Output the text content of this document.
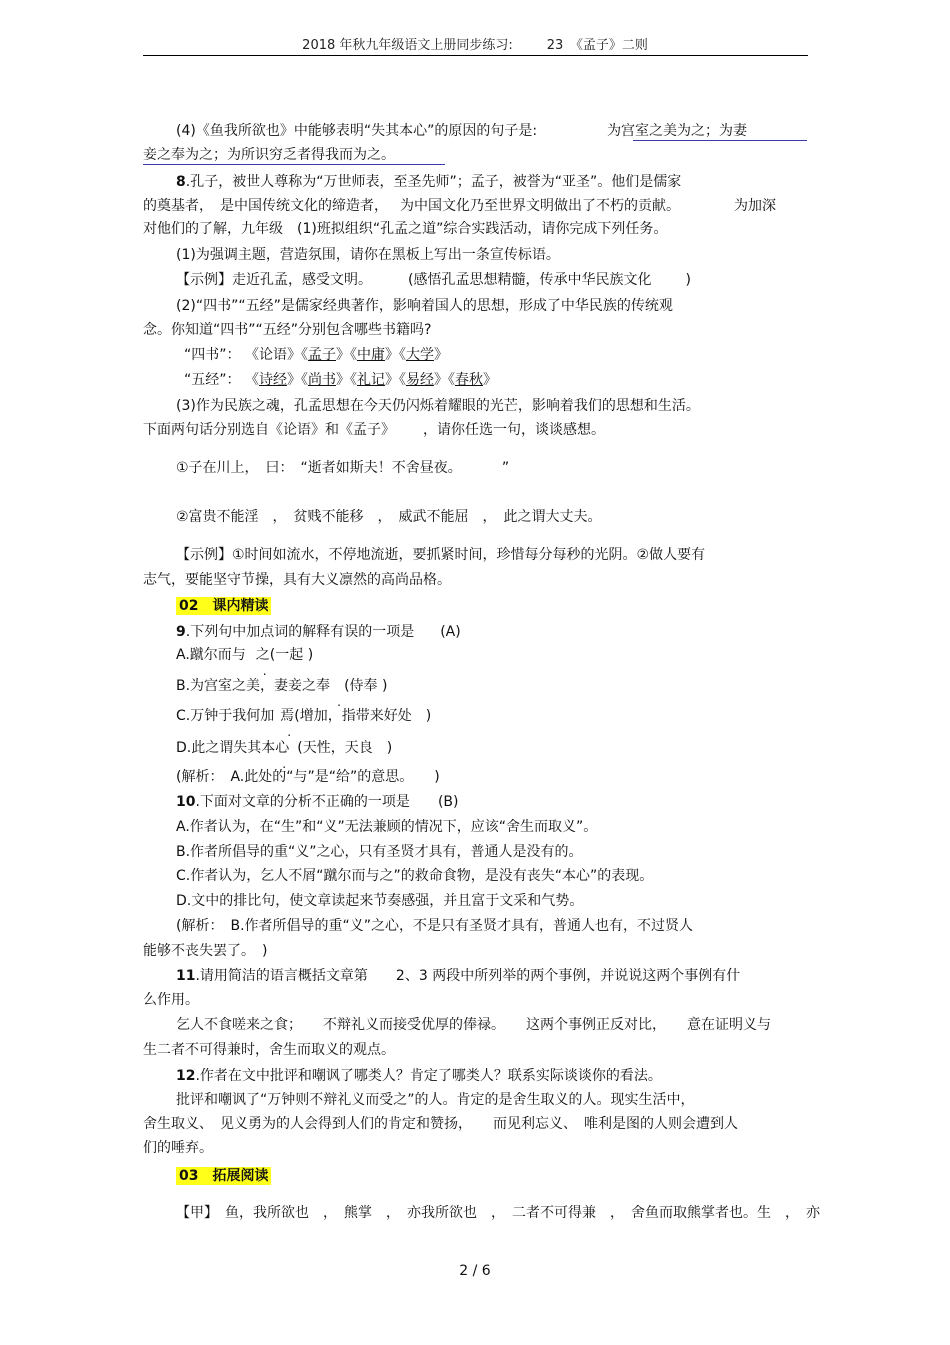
2018 年秋九年级语文上册同步练习:	23　《孟子》二则
(4)《鱼我所欲也》中能够表明“失其本心”的原因的句子是:	为宫室之美为之；为妻
妾之奉为之；为所识穷乏者得我而为之。
8.孔子，被世人尊称为“万世师表，至圣先师”；孟子，被誉为“亚圣”。他们是儒家
的奠基者，　是中国传统文化的缔造者， 为中国文化乃至世界文明做出了不朽的贡献。	为加深
对他们的了解，九年级　(1)班拟组织“孔孟之道”综合实践活动，请你完成下列任务。
(1)为强调主题，营造氛围，请你在黑板上写出一条宣传标语。
【示例】走近孔孟，感受文明。	(感悟孔孟思想精髓，传承中华民族文化 )
(2)“四书”“五经”是儒家经典著作，影响着国人的思想，形成了中华民族的传统观
念。你知道“四书”“五经”分别包含哪些书籍吗?
“四书”： 《论语》《孟子》《中庸》《大学》
“五经”： 《诗经》《尚书》《礼记》《易经》《春秋》
(3)作为民族之魂，孔孟思想在今天仍闪烁着耀眼的光芒，影响着我们的思想和生活。
下面两句话分别选自《论语》和《孟子》 ，请你任选一句，谈谈感想。
①子在川上，　曰：　“逝者如斯夫！不舍昼夜。	”
②富贵不能淫　，　贫贱不能移　，　威武不能屈　，　此之谓大丈夫。
【示例】①时间如流水，不停地流逝，要抓紧时间，珍惜每分每秒的光阴。②做人要有
志气，要能坚守节操，具有大义凛然的高尚品格。
02　课内精读
9.下列句中加点词的解释有误的一项是 (A)
A.蹴尔而与 之(一起 )
B.为宫室之美，妻妾之奉　 . (侍奉 )
C.万钟于我何加 焉(增加，指带来好处　)
D.此之谓失其本心 (天性，天良　)
(解析：　A.此处的“与”是“给”的意思。　　)
10.下面对文章的分析不正确的一项是 (B)
A.作者认为，在“生”和“义”无法兼顾的情况下，应该“舍生而取义”。
B.作者所倡导的重“义”之心，只有圣贤才具有，普通人是没有的。
C.作者认为，乞人不屑“蹴尔而与之”的救命食物，是没有丧失“本心”的表现。
D.文中的排比句，使文章读起来节奏感强，并且富于文采和气势。
(解析：　B.作者所倡导的重“义”之心，不是只有圣贤才具有，普通人也有，不过贤人
能够不丧失罢了。　)
11.请用简洁的语言概括文章第　　2、3 两段中所列举的两个事例，并说说这两个事例有什
么作用。
乞人不食嗟来之食；　　不辩礼义而接受优厚的俸禄。　　这两个事例正反对比，　　意在证明义与
生二者不可得兼时，舍生而取义的观点。
12.作者在文中批评和嘲讽了哪类人？肯定了哪类人？联系实际谈谈你的看法。
批评和嘲讽了“万钟则不辩礼义而受之”的人。肯定的是舍生取义的人。现实生活中，
舍生取义、　见义勇为的人会得到人们的肯定和赞扬，　　而见利忘义、　唯利是图的人则会遭到人
们的唾弃。
03　拓展阅读
【甲】　鱼，我所欲也　，　熊掌　，　亦我所欲也　，　二者不可得兼　，　舍鱼而取熊掌者也。生　，　亦
2 / 6
